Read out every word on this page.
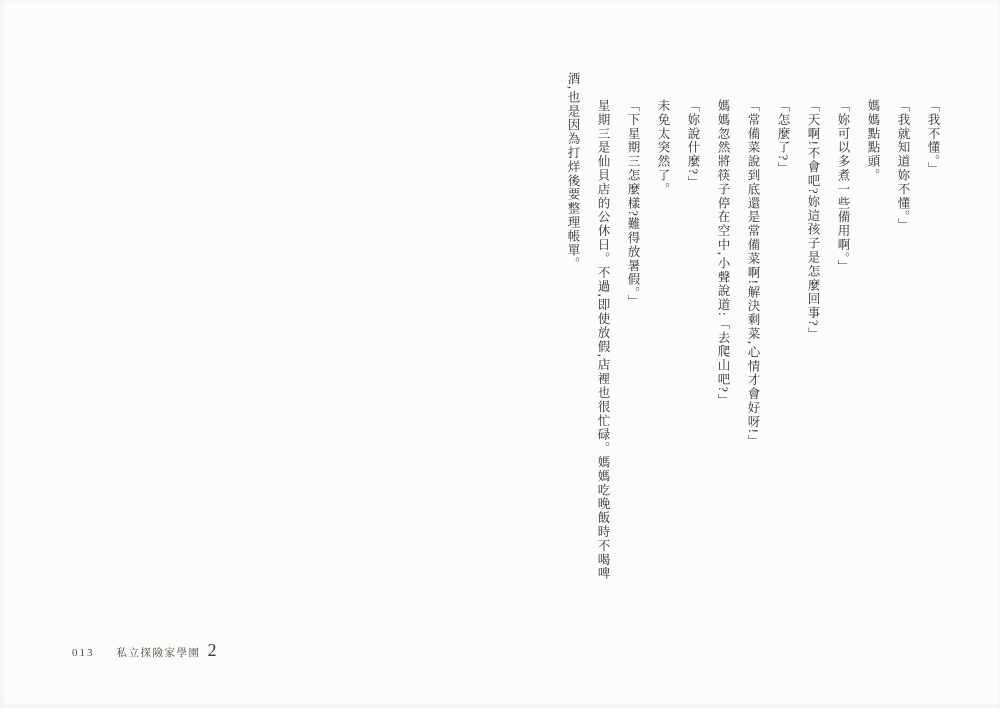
「我不懂。」

「我就知道妳不懂。」

媽媽點點頭。

「妳可以多煮一些備用啊。」

「天啊!不會吧?妳這孩子是怎麼回事?」

「怎麼了?」

「常備菜說到底還是常備菜啊!解決剩菜,心情才會好呀!」

媽媽忽然將筷子停在空中,小聲說道:「去爬山吧?」

「妳說什麼?」

未免太突然了。

「下星期三怎麼樣?難得放暑假。」

星期三是仙貝店的公休日。不過,即使放假,店裡也很忙碌。媽媽吃晚飯時不喝啤

酒,也是因為打烊後要整理帳單。

013 私立探險家學園 2
